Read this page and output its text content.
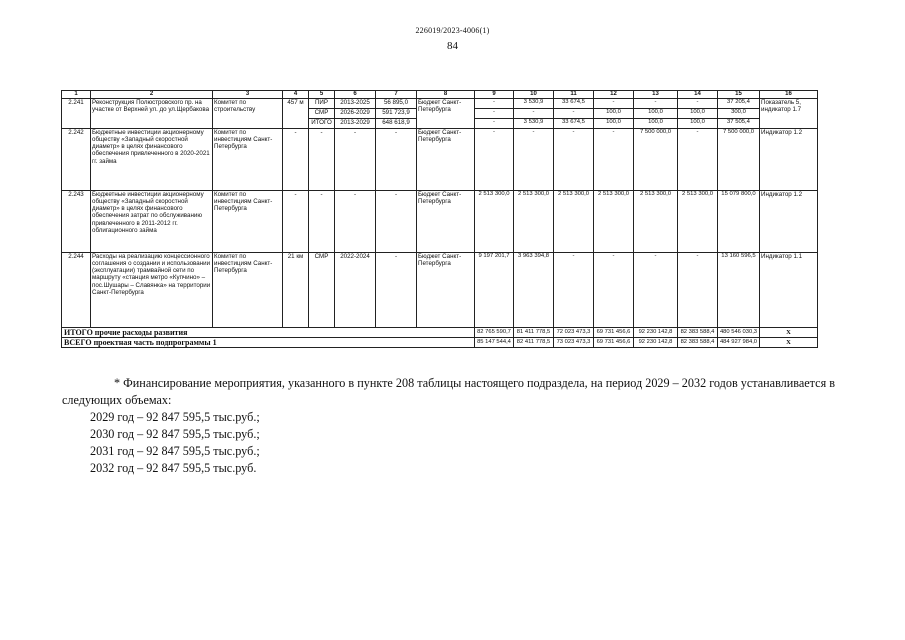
226019/2023-4006(1)
84
1	2	3	4	5	6	7	8	9	10	11	12	13	14	15	16
2.241	Реконструкция Полюстровского пр. на участке от Верхней ул. до ул.Щербакова	Комитет по строительству	457 м	ПИР	2013-2025	56 895,0	Бюджет Санкт-Петербурга	-	3 530,9	33 674,5	-	-	-	37 205,4	Показатель 5, индикатор 1.7
				СМР	2026-2029	591 723,9		-	-	-	100,0	100,0	100,0	300,0	
				ИТОГО	2013-2029	648 618,9		-	3 530,9	33 674,5	100,0	100,0	100,0	37 505,4	
2.242	Бюджетные инвестиции акционерному обществу «Западный скоростной диаметр» в целях финансового обеспечения привлеченного в 2020-2021 гг. займа	Комитет по инвестициям Санкт-Петербурга	-	-	-	-	Бюджет Санкт-Петербурга	-	-	-	-	7 500 000,0	-	7 500 000,0	Индикатор 1.2
2.243	Бюджетные инвестиции акционерному обществу «Западный скоростной диаметр» в целях финансового обеспечения затрат по обслуживанию привлеченного в 2011-2012 гг. облигационного займа	Комитет по инвестициям Санкт-Петербурга	-	-	-	-	Бюджет Санкт-Петербурга	2 513 300,0	2 513 300,0	2 513 300,0	2 513 300,0	2 513 300,0	2 513 300,0	15 079 800,0	Индикатор 1.2
2.244	Расходы на реализацию концессионного соглашения о создании и использовании (эксплуатации) трамвайной сети по маршруту «станция метро «Купчино» – пос.Шушары – Славянка» на территории Санкт-Петербурга	Комитет по инвестициям Санкт-Петербурга	21 км	СМР	2022-2024	-	Бюджет Санкт-Петербурга	9 197 201,7	3 963 394,8	-	-	-	-	13 160 596,5	Индикатор 1.1
ИТОГО прочие расходы развития								82 765 590,7	81 411 778,5	72 023 473,3	69 731 456,6	92 230 142,8	82 383 588,4	480 546 030,3	X
ВСЕГО проектная часть подпрограммы 1								85 147 544,4	82 411 778,5	73 023 473,3	69 731 456,6	92 230 142,8	82 383 588,4	484 927 984,0	X

* Финансирование мероприятия, указанного в пункте 208 таблицы настоящего подраздела, на период 2029 – 2032 годов устанавливается в следующих объемах:

2029 год – 92 847 595,5 тыс.руб.;
2030 год – 92 847 595,5 тыс.руб.;
2031 год – 92 847 595,5 тыс.руб.;
2032 год – 92 847 595,5 тыс.руб.
